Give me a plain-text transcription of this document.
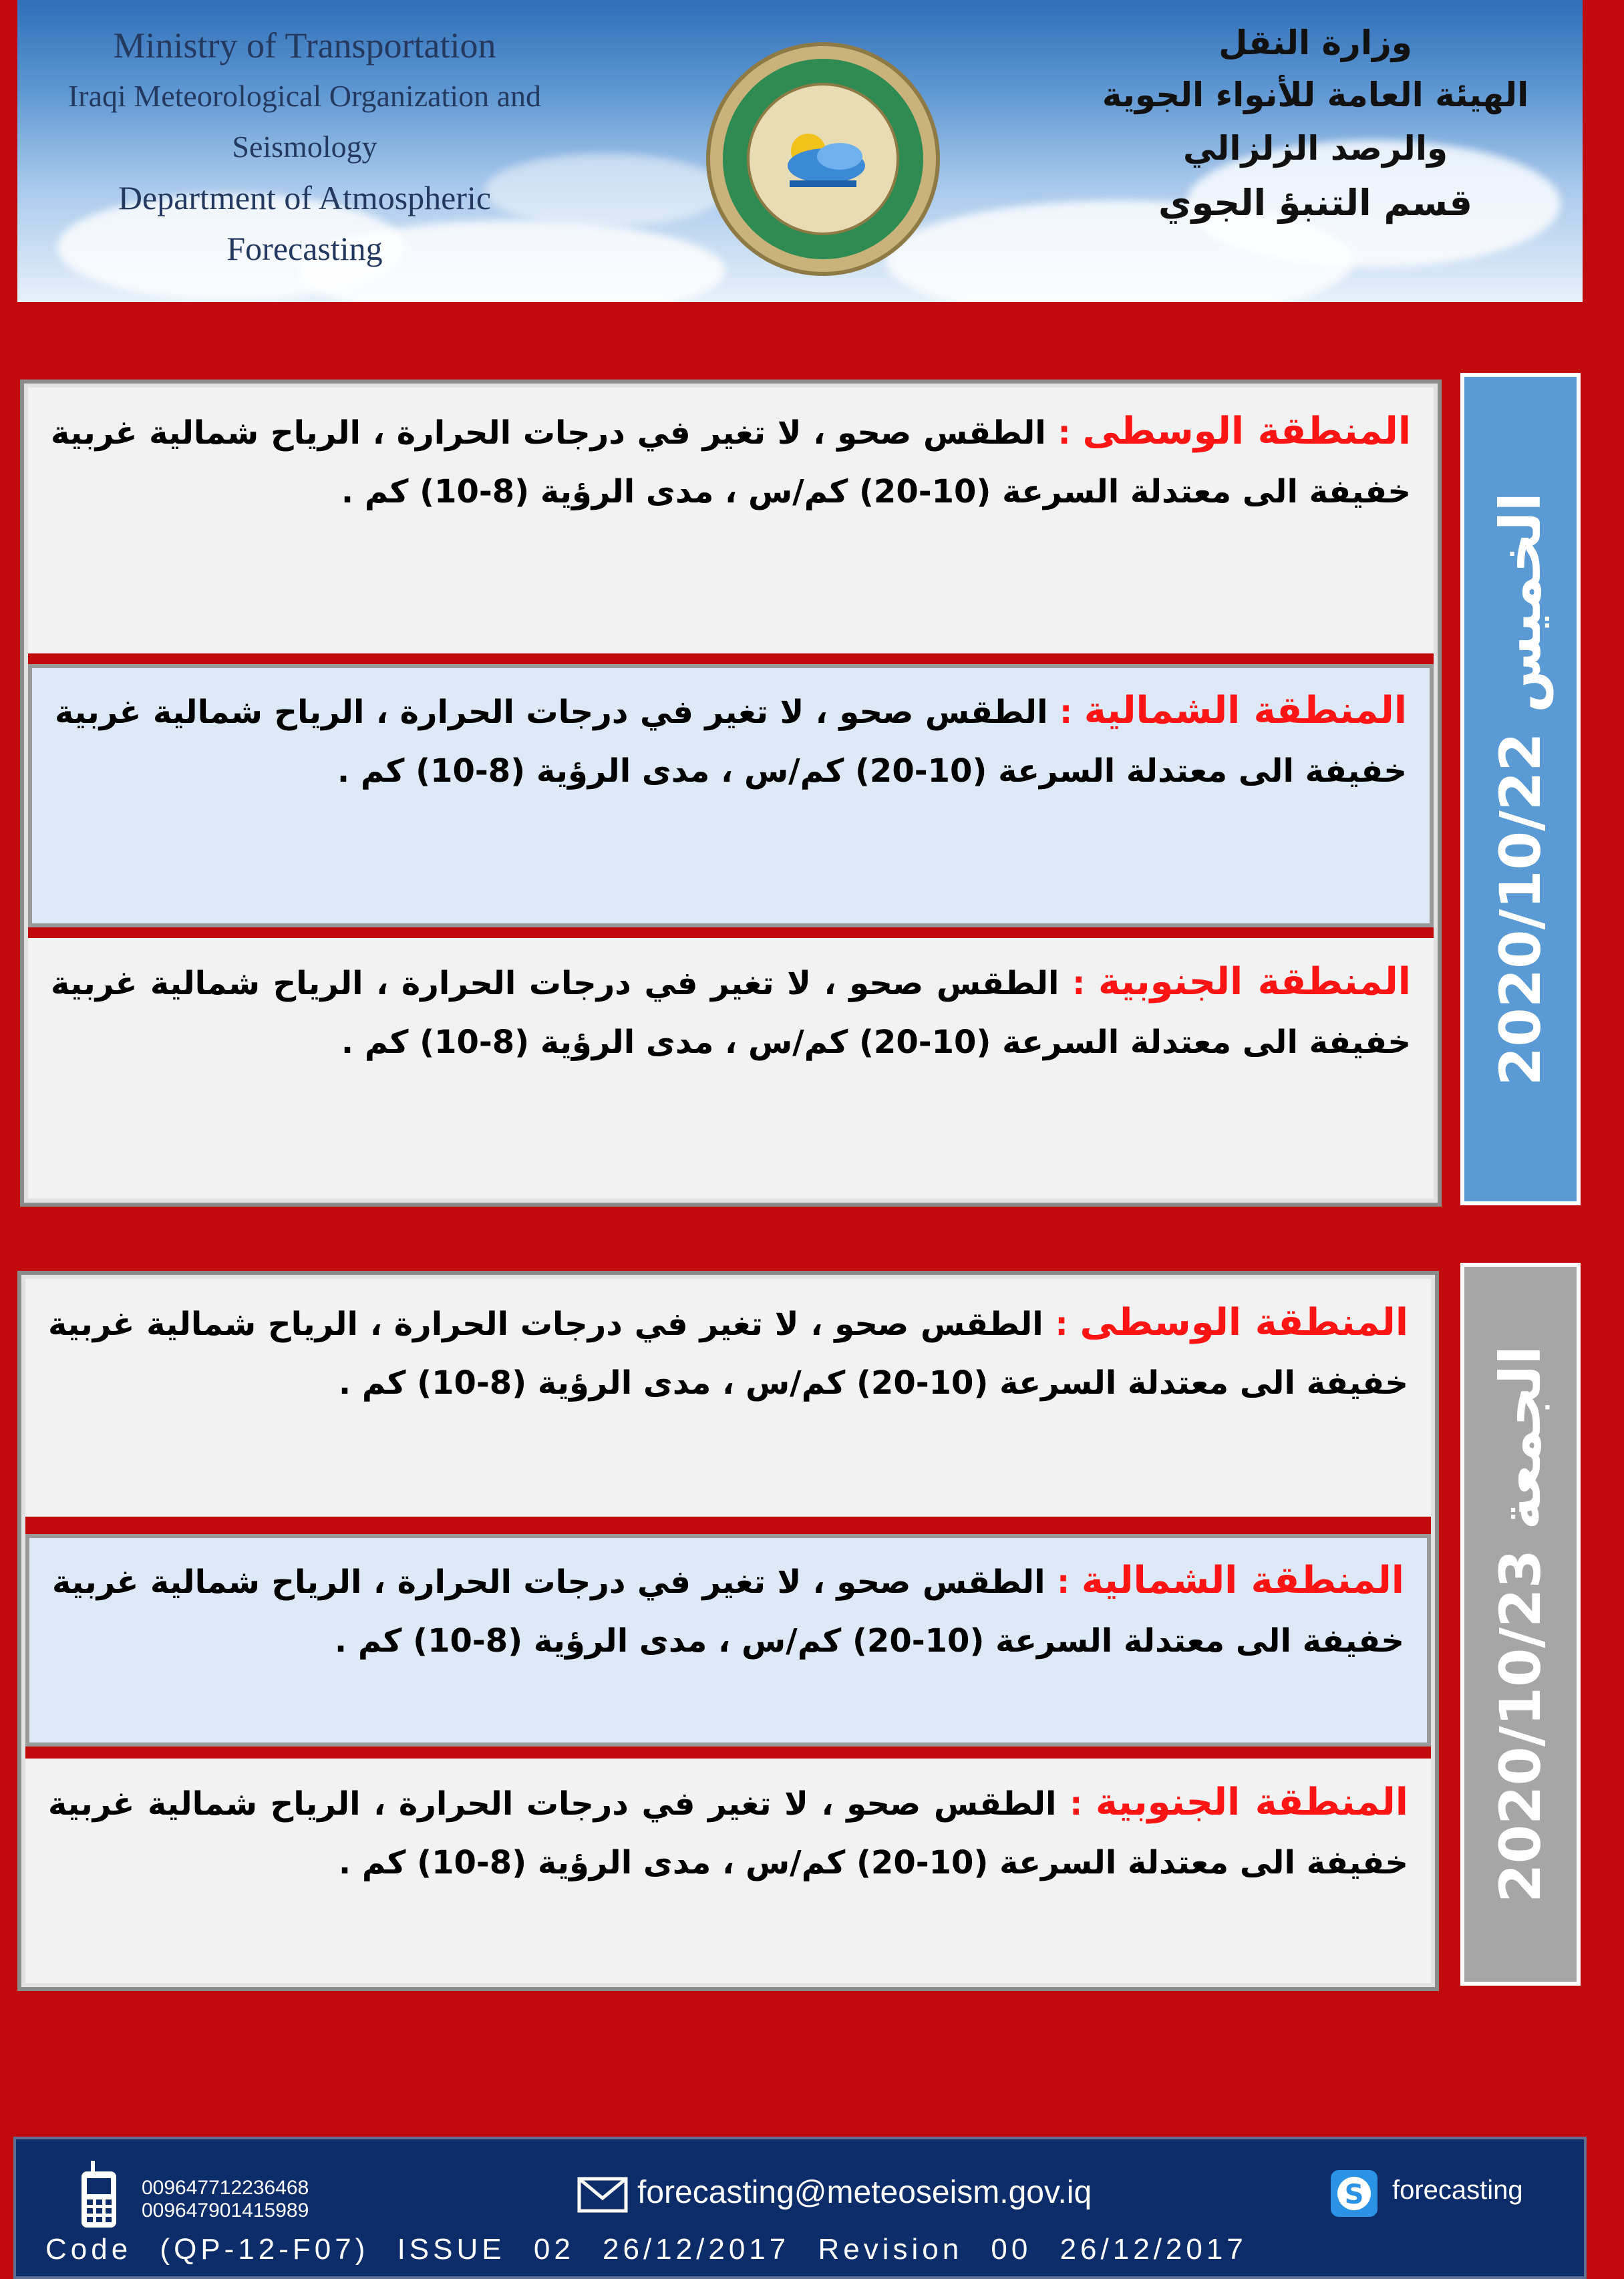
Ministry of Transportation
Iraqi Meteorological Organization and Seismology
Department of Atmospheric Forecasting
وزارة النقل
الهيئة العامة للأنواء الجوية والرصد الزلزالي
قسم التنبؤ الجوي
المنطقة الوسطى : الطقس صحو ، لا تغير في درجات الحرارة ، الرياح شمالية غربية خفيفة الى معتدلة السرعة (10-20) كم/س ، مدى الرؤية (8-10) كم .
المنطقة الشمالية : الطقس صحو ، لا تغير في درجات الحرارة ، الرياح شمالية غربية خفيفة الى معتدلة السرعة (10-20) كم/س ، مدى الرؤية (8-10) كم .
المنطقة الجنوبية : الطقس صحو ، لا تغير في درجات الحرارة ، الرياح شمالية غربية خفيفة الى معتدلة السرعة (10-20) كم/س ، مدى الرؤية (8-10) كم .
الخميس 2020/10/22
المنطقة الوسطى : الطقس صحو ، لا تغير في درجات الحرارة ، الرياح شمالية غربية خفيفة الى معتدلة السرعة (10-20) كم/س ، مدى الرؤية (8-10) كم .
المنطقة الشمالية : الطقس صحو ، لا تغير في درجات الحرارة ، الرياح شمالية غربية خفيفة الى معتدلة السرعة (10-20) كم/س ، مدى الرؤية (8-10) كم .
المنطقة الجنوبية : الطقس صحو ، لا تغير في درجات الحرارة ، الرياح شمالية غربية خفيفة الى معتدلة السرعة (10-20) كم/س ، مدى الرؤية (8-10) كم .
الجمعة 2020/10/23
009647712236468
009647901415989
forecasting@meteoseism.gov.iq	S forecasting
Code (QP-12-F07) ISSUE 02 26/12/2017 Revision 00 26/12/2017
